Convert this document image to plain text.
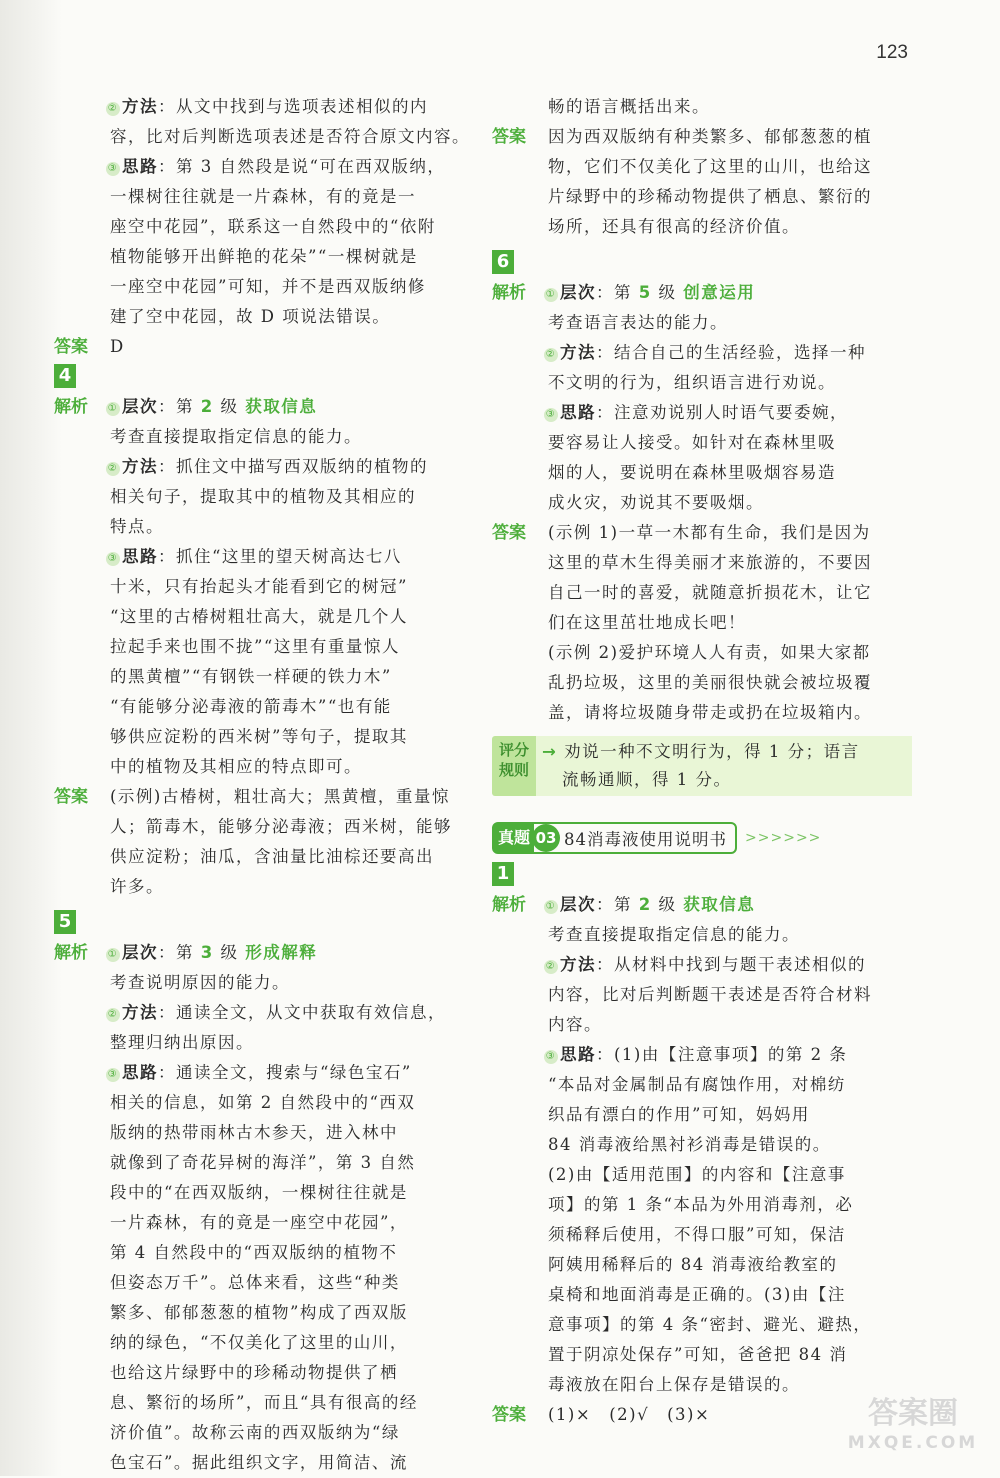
123

② 方法：从文中找到与选项表述相似的内

容，比对后判断选项表述是否符合原文内容。

③ 思路：第 3 自然段是说“可在西双版纳，

一棵树往往就是一片森林，有的竟是一

座空中花园”，联系这一自然段中的“依附

植物能够开出鲜艳的花朵”“一棵树就是

一座空中花园”可知，并不是西双版纳修

建了空中花园，故 D 项说法错误。

答案	D

4
解析	① 层次：第 2 级 获取信息

考查直接提取指定信息的能力。

② 方法：抓住文中描写西双版纳的植物的

相关句子，提取其中的植物及其相应的

特点。

③ 思路：抓住“这里的望天树高达七八

十米，只有抬起头才能看到它的树冠”

“这里的古椿树粗壮高大，就是几个人

拉起手来也围不拢”“这里有重量惊人

的黑黄檀”“有钢铁一样硬的铁力木”

“有能够分泌毒液的箭毒木”“也有能

够供应淀粉的西米树”等句子，提取其

中的植物及其相应的特点即可。

答案	(示例)古椿树，粗壮高大；黑黄檀，重量惊

人；箭毒木，能够分泌毒液；西米树，能够

供应淀粉；油瓜，含油量比油棕还要高出

许多。

5
解析	① 层次：第 3 级 形成解释

考查说明原因的能力。

② 方法：通读全文，从文中获取有效信息，

整理归纳出原因。

③ 思路：通读全文，搜索与“绿色宝石”

相关的信息，如第 2 自然段中的“西双

版纳的热带雨林古木参天，进入林中

就像到了奇花异树的海洋”，第 3 自然

段中的“在西双版纳，一棵树往往就是

一片森林，有的竟是一座空中花园”，

第 4 自然段中的“西双版纳的植物不

但姿态万千”。总体来看，这些“种类

繁多、郁郁葱葱的植物”构成了西双版

纳的绿色，“不仅美化了这里的山川，

也给这片绿野中的珍稀动物提供了栖

息、繁衍的场所”，而且“具有很高的经

济价值”。故称云南的西双版纳为“绿

色宝石”。据此组织文字，用简洁、流

畅的语言概括出来。

答案	因为西双版纳有种类繁多、郁郁葱葱的植

物，它们不仅美化了这里的山川，也给这

片绿野中的珍稀动物提供了栖息、繁衍的

场所，还具有很高的经济价值。

6
解析	① 层次：第 5 级 创意运用

考查语言表达的能力。

② 方法：结合自己的生活经验，选择一种

不文明的行为，组织语言进行劝说。

③ 思路：注意劝说别人时语气要委婉，

要容易让人接受。如针对在森林里吸

烟的人，要说明在森林里吸烟容易造

成火灾，劝说其不要吸烟。

答案	(示例 1)一草一木都有生命，我们是因为

这里的草木生得美丽才来旅游的，不要因

自己一时的喜爱，就随意折损花木，让它

们在这里茁壮地成长吧！

(示例 2)爱护环境人人有责，如果大家都

乱扔垃圾，这里的美丽很快就会被垃圾覆

盖，请将垃圾随身带走或扔在垃圾箱内。

评分规则

→ 劝说一种不文明行为，得 1 分；语言

流畅通顺，得 1 分。

真题 03 84消毒液使用说明书 >>>>>>
1
解析	① 层次：第 2 级 获取信息

考查直接提取指定信息的能力。

② 方法：从材料中找到与题干表述相似的

内容，比对后判断题干表述是否符合材料

内容。

③ 思路：(1)由【注意事项】的第 2 条

“本品对金属制品有腐蚀作用，对棉纺

织品有漂白的作用”可知，妈妈用

84 消毒液给黑衬衫消毒是错误的。

(2)由【适用范围】的内容和【注意事

项】的第 1 条“本品为外用消毒剂，必

须稀释后使用，不得口服”可知，保洁

阿姨用稀释后的 84 消毒液给教室的

桌椅和地面消毒是正确的。(3)由【注

意事项】的第 4 条“密封、避光、避热，

置于阴凉处保存”可知，爸爸把 84 消

毒液放在阳台上保存是错误的。

答案	(1)×　(2)√　(3)×	答案圈
MXQE.COM
